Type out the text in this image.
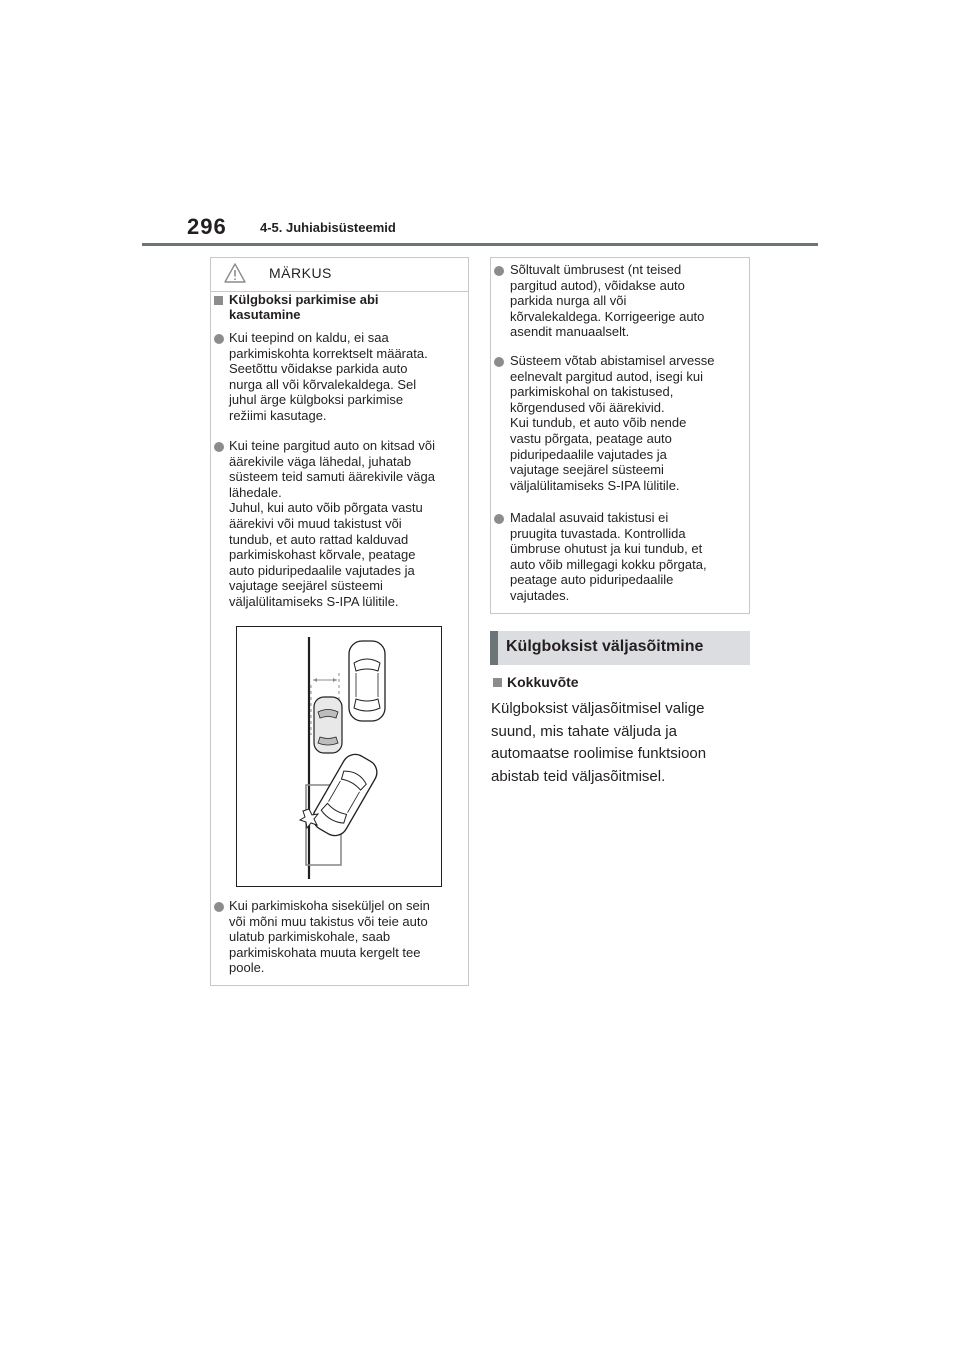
296	4-5. Juhiabisüsteemid
MÄRKUS
Külgboksi parkimise abi
kasutamine
Kui teepind on kaldu, ei saa
parkimiskohta korrektselt määrata.
Seetõttu võidakse parkida auto
nurga all või kõrvalekaldega. Sel
juhul ärge külgboksi parkimise
režiimi kasutage.
Kui teine pargitud auto on kitsad või
äärekivile väga lähedal, juhatab
süsteem teid samuti äärekivile väga
lähedale.
Juhul, kui auto võib põrgata vastu
äärekivi või muud takistust või
tundub, et auto rattad kalduvad
parkimiskohast kõrvale, peatage
auto piduripedaalile vajutades ja
vajutage seejärel süsteemi
väljalülitamiseks S-IPA lülitile.
Kui parkimiskoha siseküljel on sein
või mõni muu takistus või teie auto
ulatub parkimiskohale, saab
parkimiskohata muuta kergelt tee
poole.
Sõltuvalt ümbrusest (nt teised
pargitud autod), võidakse auto
parkida nurga all või
kõrvalekaldega. Korrigeerige auto
asendit manuaalselt.
Süsteem võtab abistamisel arvesse
eelnevalt pargitud autod, isegi kui
parkimiskohal on takistused,
kõrgendused või äärekivid.
Kui tundub, et auto võib nende
vastu põrgata, peatage auto
piduripedaalile vajutades ja
vajutage seejärel süsteemi
väljalülitamiseks S-IPA lülitile.
Madalal asuvaid takistusi ei
pruugita tuvastada. Kontrollida
ümbruse ohutust ja kui tundub, et
auto võib millegagi kokku põrgata,
peatage auto piduripedaalile
vajutades.
Külgboksist väljasõitmine
Kokkuvõte
Külgboksist väljasõitmisel valige
suund, mis tahate väljuda ja
automaatse roolimise funktsioon
abistab teid väljasõitmisel.
